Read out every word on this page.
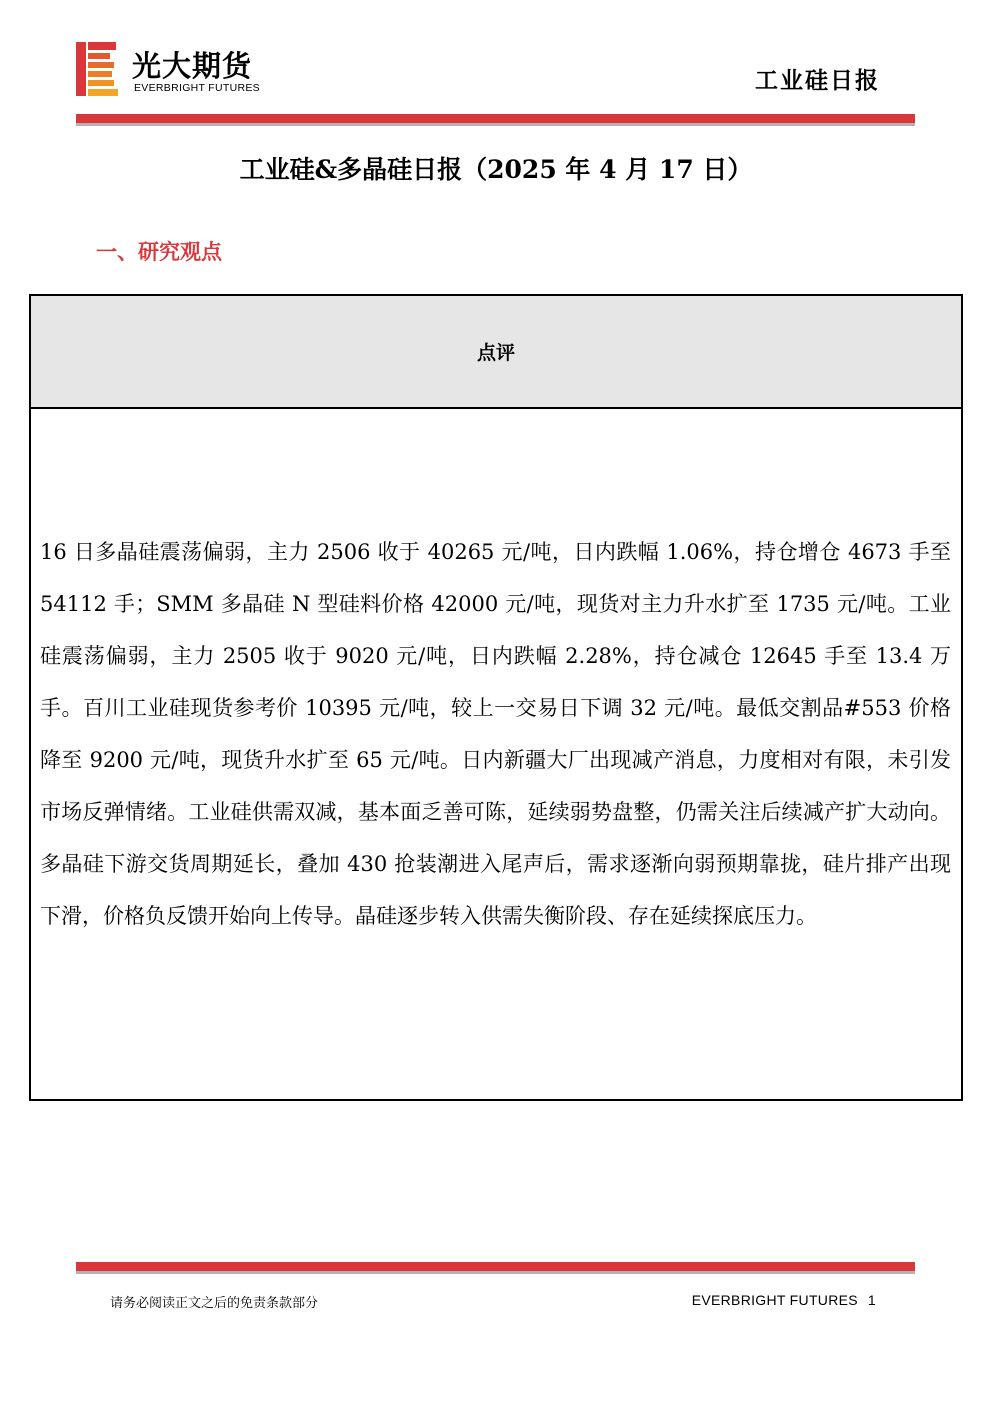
光大期货
EVERBRIGHT FUTURES	工业硅日报
工业硅&多晶硅日报（2025 年 4 月 17 日）
一、研究观点
点评
16 日多晶硅震荡偏弱，主力 2506 收于 40265 元/吨，日内跌幅 1.06%，持仓增仓 4673 手至 54112 手；SMM 多晶硅 N 型硅料价格 42000 元/吨，现货对主力升水扩至 1735 元/吨。工业硅震荡偏弱，主力 2505 收于 9020 元/吨，日内跌幅 2.28%，持仓减仓 12645 手至 13.4 万手。百川工业硅现货参考价 10395 元/吨，较上一交易日下调 32 元/吨。最低交割品#553 价格降至 9200 元/吨，现货升水扩至 65 元/吨。日内新疆大厂出现减产消息，力度相对有限，未引发市场反弹情绪。工业硅供需双减，基本面乏善可陈，延续弱势盘整，仍需关注后续减产扩大动向。多晶硅下游交货周期延长，叠加 430 抢装潮进入尾声后，需求逐渐向弱预期靠拢，硅片排产出现下滑，价格负反馈开始向上传导。晶硅逐步转入供需失衡阶段、存在延续探底压力。
请务必阅读正文之后的免责条款部分	EVERBRIGHT FUTURES 1
